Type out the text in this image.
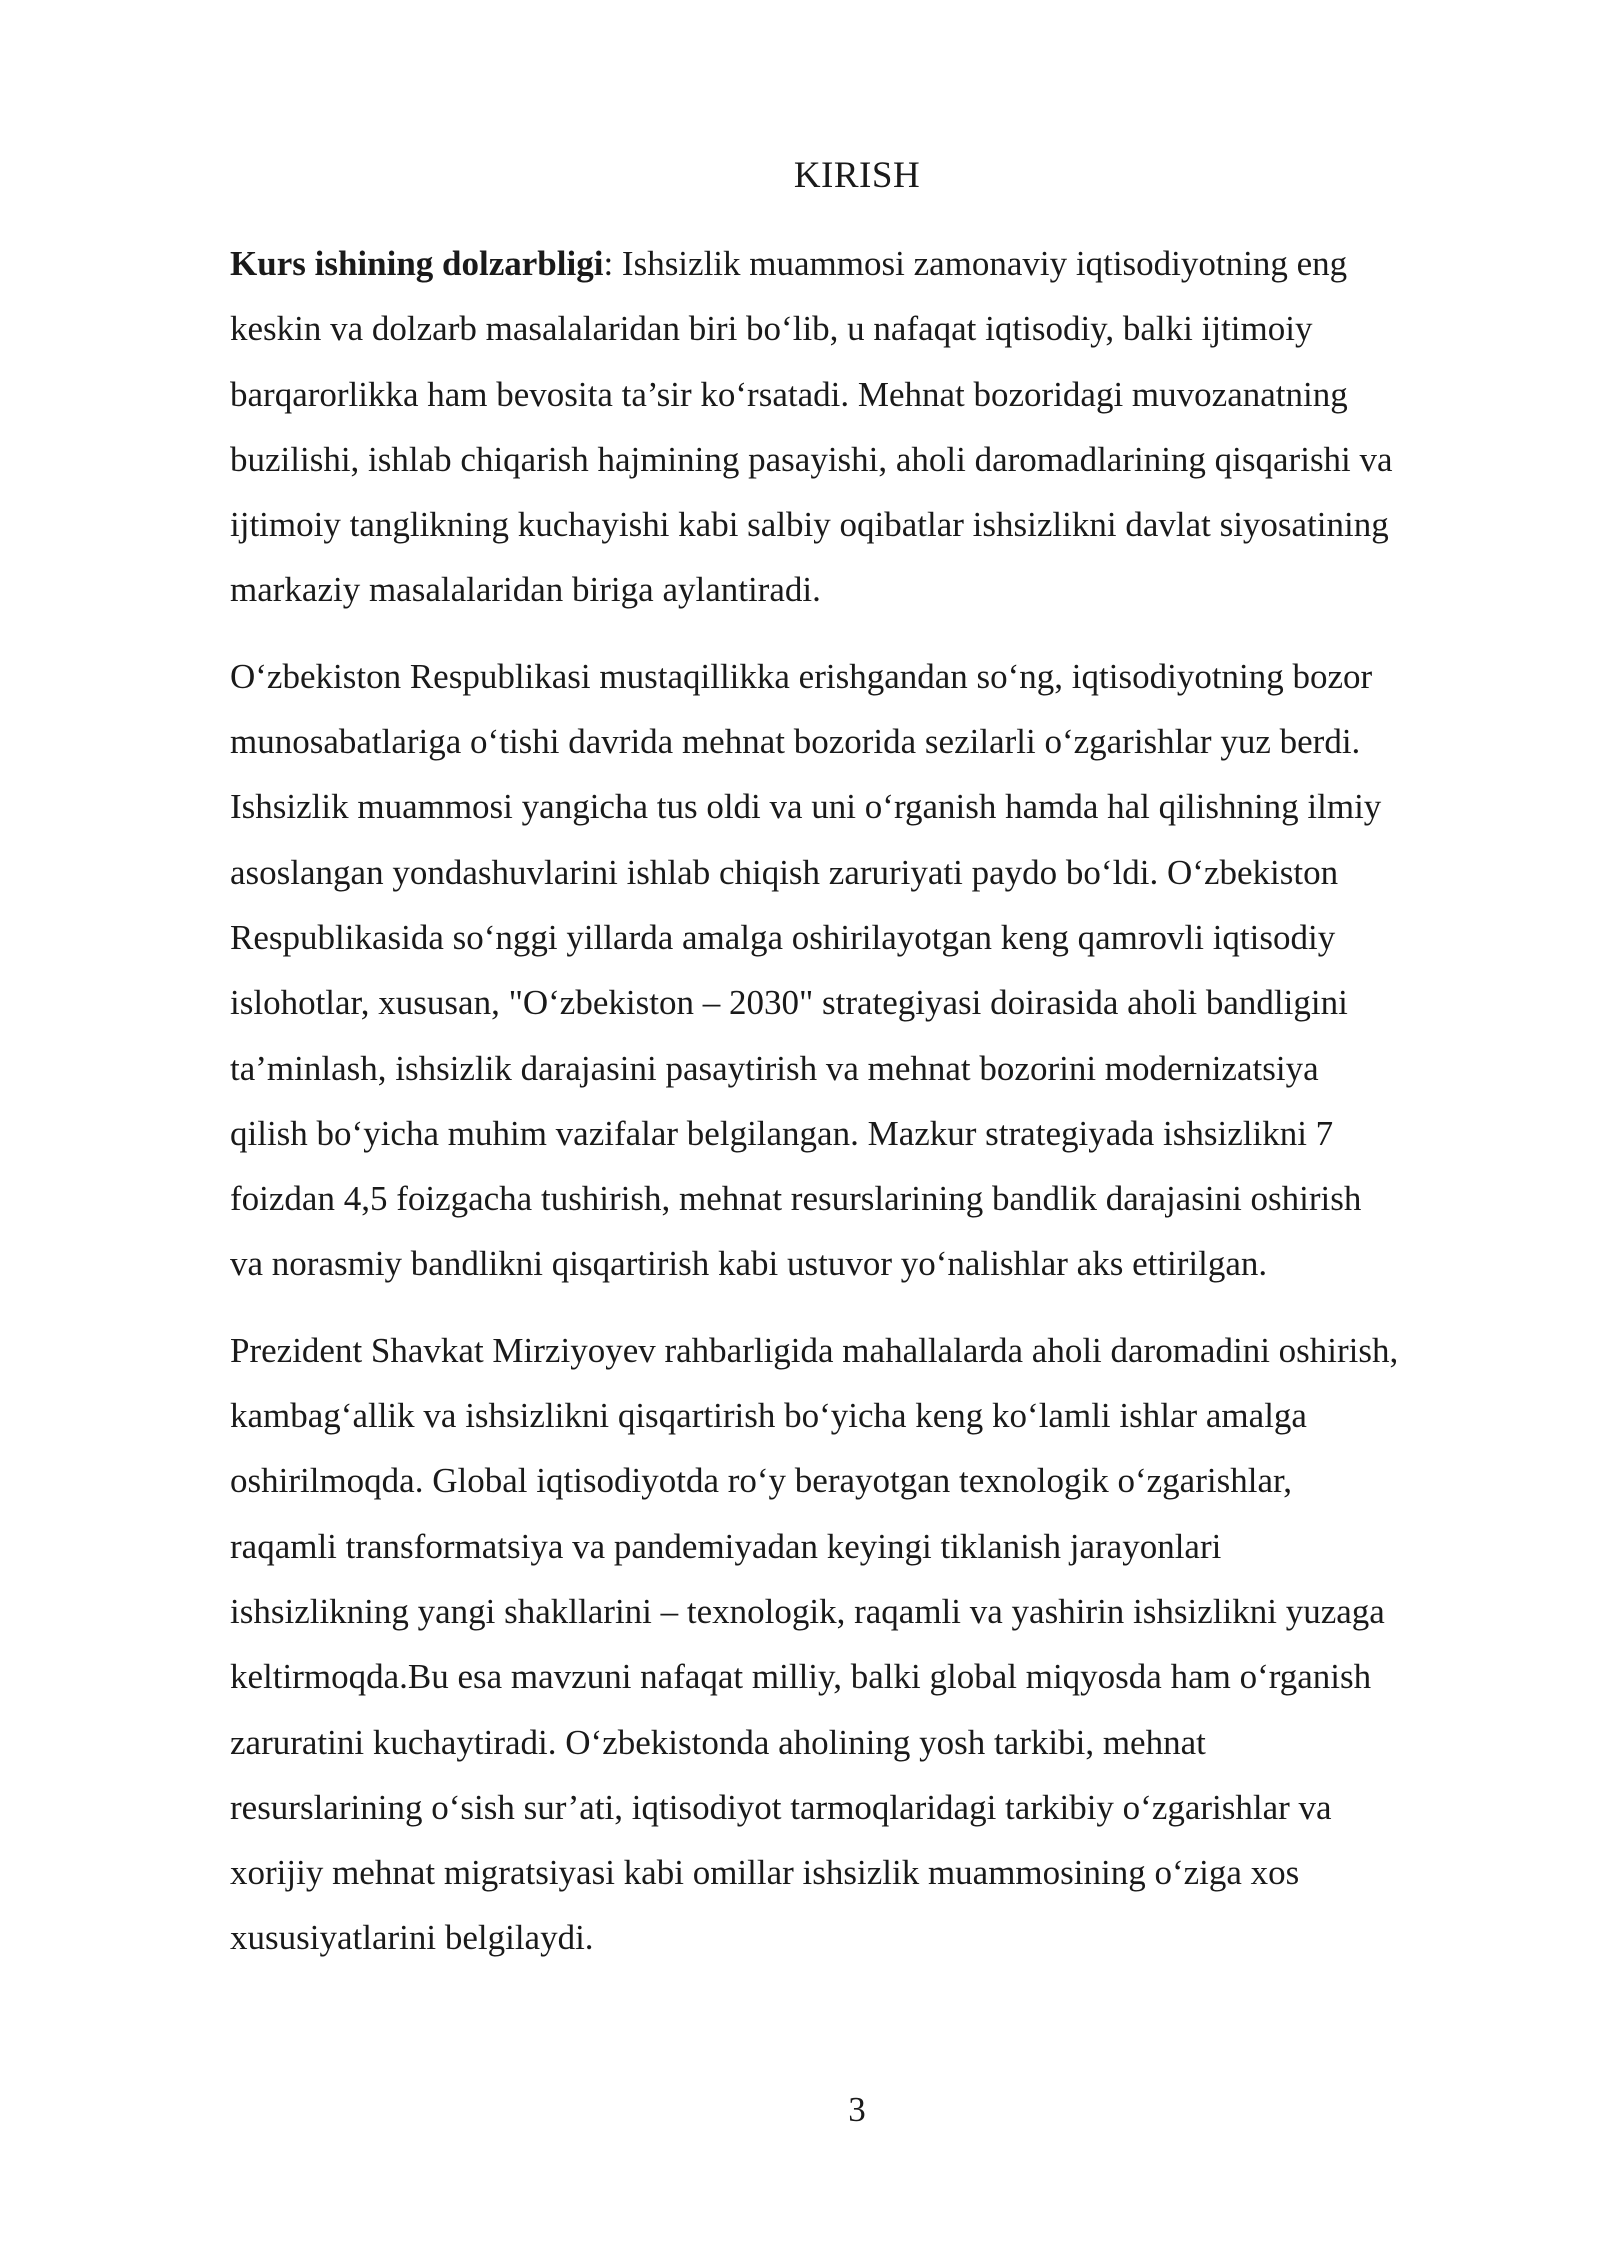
KIRISH

Kurs ishining dolzarbligi: Ishsizlik muammosi zamonaviy iqtisodiyotning eng
keskin va dolzarb masalalaridan biri bo‘lib, u nafaqat iqtisodiy, balki ijtimoiy
barqarorlikka ham bevosita ta’sir ko‘rsatadi. Mehnat bozoridagi muvozanatning
buzilishi, ishlab chiqarish hajmining pasayishi, aholi daromadlarining qisqarishi va
ijtimoiy tanglikning kuchayishi kabi salbiy oqibatlar ishsizlikni davlat siyosatining
markaziy masalalaridan biriga aylantiradi.

O‘zbekiston Respublikasi mustaqillikka erishgandan so‘ng, iqtisodiyotning bozor
munosabatlariga o‘tishi davrida mehnat bozorida sezilarli o‘zgarishlar yuz berdi.
Ishsizlik muammosi yangicha tus oldi va uni o‘rganish hamda hal qilishning ilmiy
asoslangan yondashuvlarini ishlab chiqish zaruriyati paydo bo‘ldi. O‘zbekiston
Respublikasida so‘nggi yillarda amalga oshirilayotgan keng qamrovli iqtisodiy
islohotlar, xususan, "O‘zbekiston – 2030" strategiyasi doirasida aholi bandligini
ta’minlash, ishsizlik darajasini pasaytirish va mehnat bozorini modernizatsiya
qilish bo‘yicha muhim vazifalar belgilangan. Mazkur strategiyada ishsizlikni 7
foizdan 4,5 foizgacha tushirish, mehnat resurslarining bandlik darajasini oshirish
va norasmiy bandlikni qisqartirish kabi ustuvor yo‘nalishlar aks ettirilgan.

Prezident Shavkat Mirziyoyev rahbarligida mahallalarda aholi daromadini oshirish,
kambag‘allik va ishsizlikni qisqartirish bo‘yicha keng ko‘lamli ishlar amalga
oshirilmoqda. Global iqtisodiyotda ro‘y berayotgan texnologik o‘zgarishlar,
raqamli transformatsiya va pandemiyadan keyingi tiklanish jarayonlari
ishsizlikning yangi shakllarini – texnologik, raqamli va yashirin ishsizlikni yuzaga
keltirmoqda.Bu esa mavzuni nafaqat milliy, balki global miqyosda ham o‘rganish
zaruratini kuchaytiradi. O‘zbekistonda aholining yosh tarkibi, mehnat
resurslarining o‘sish sur’ati, iqtisodiyot tarmoqlaridagi tarkibiy o‘zgarishlar va
xorijiy mehnat migratsiyasi kabi omillar ishsizlik muammosining o‘ziga xos
xususiyatlarini belgilaydi.

3
